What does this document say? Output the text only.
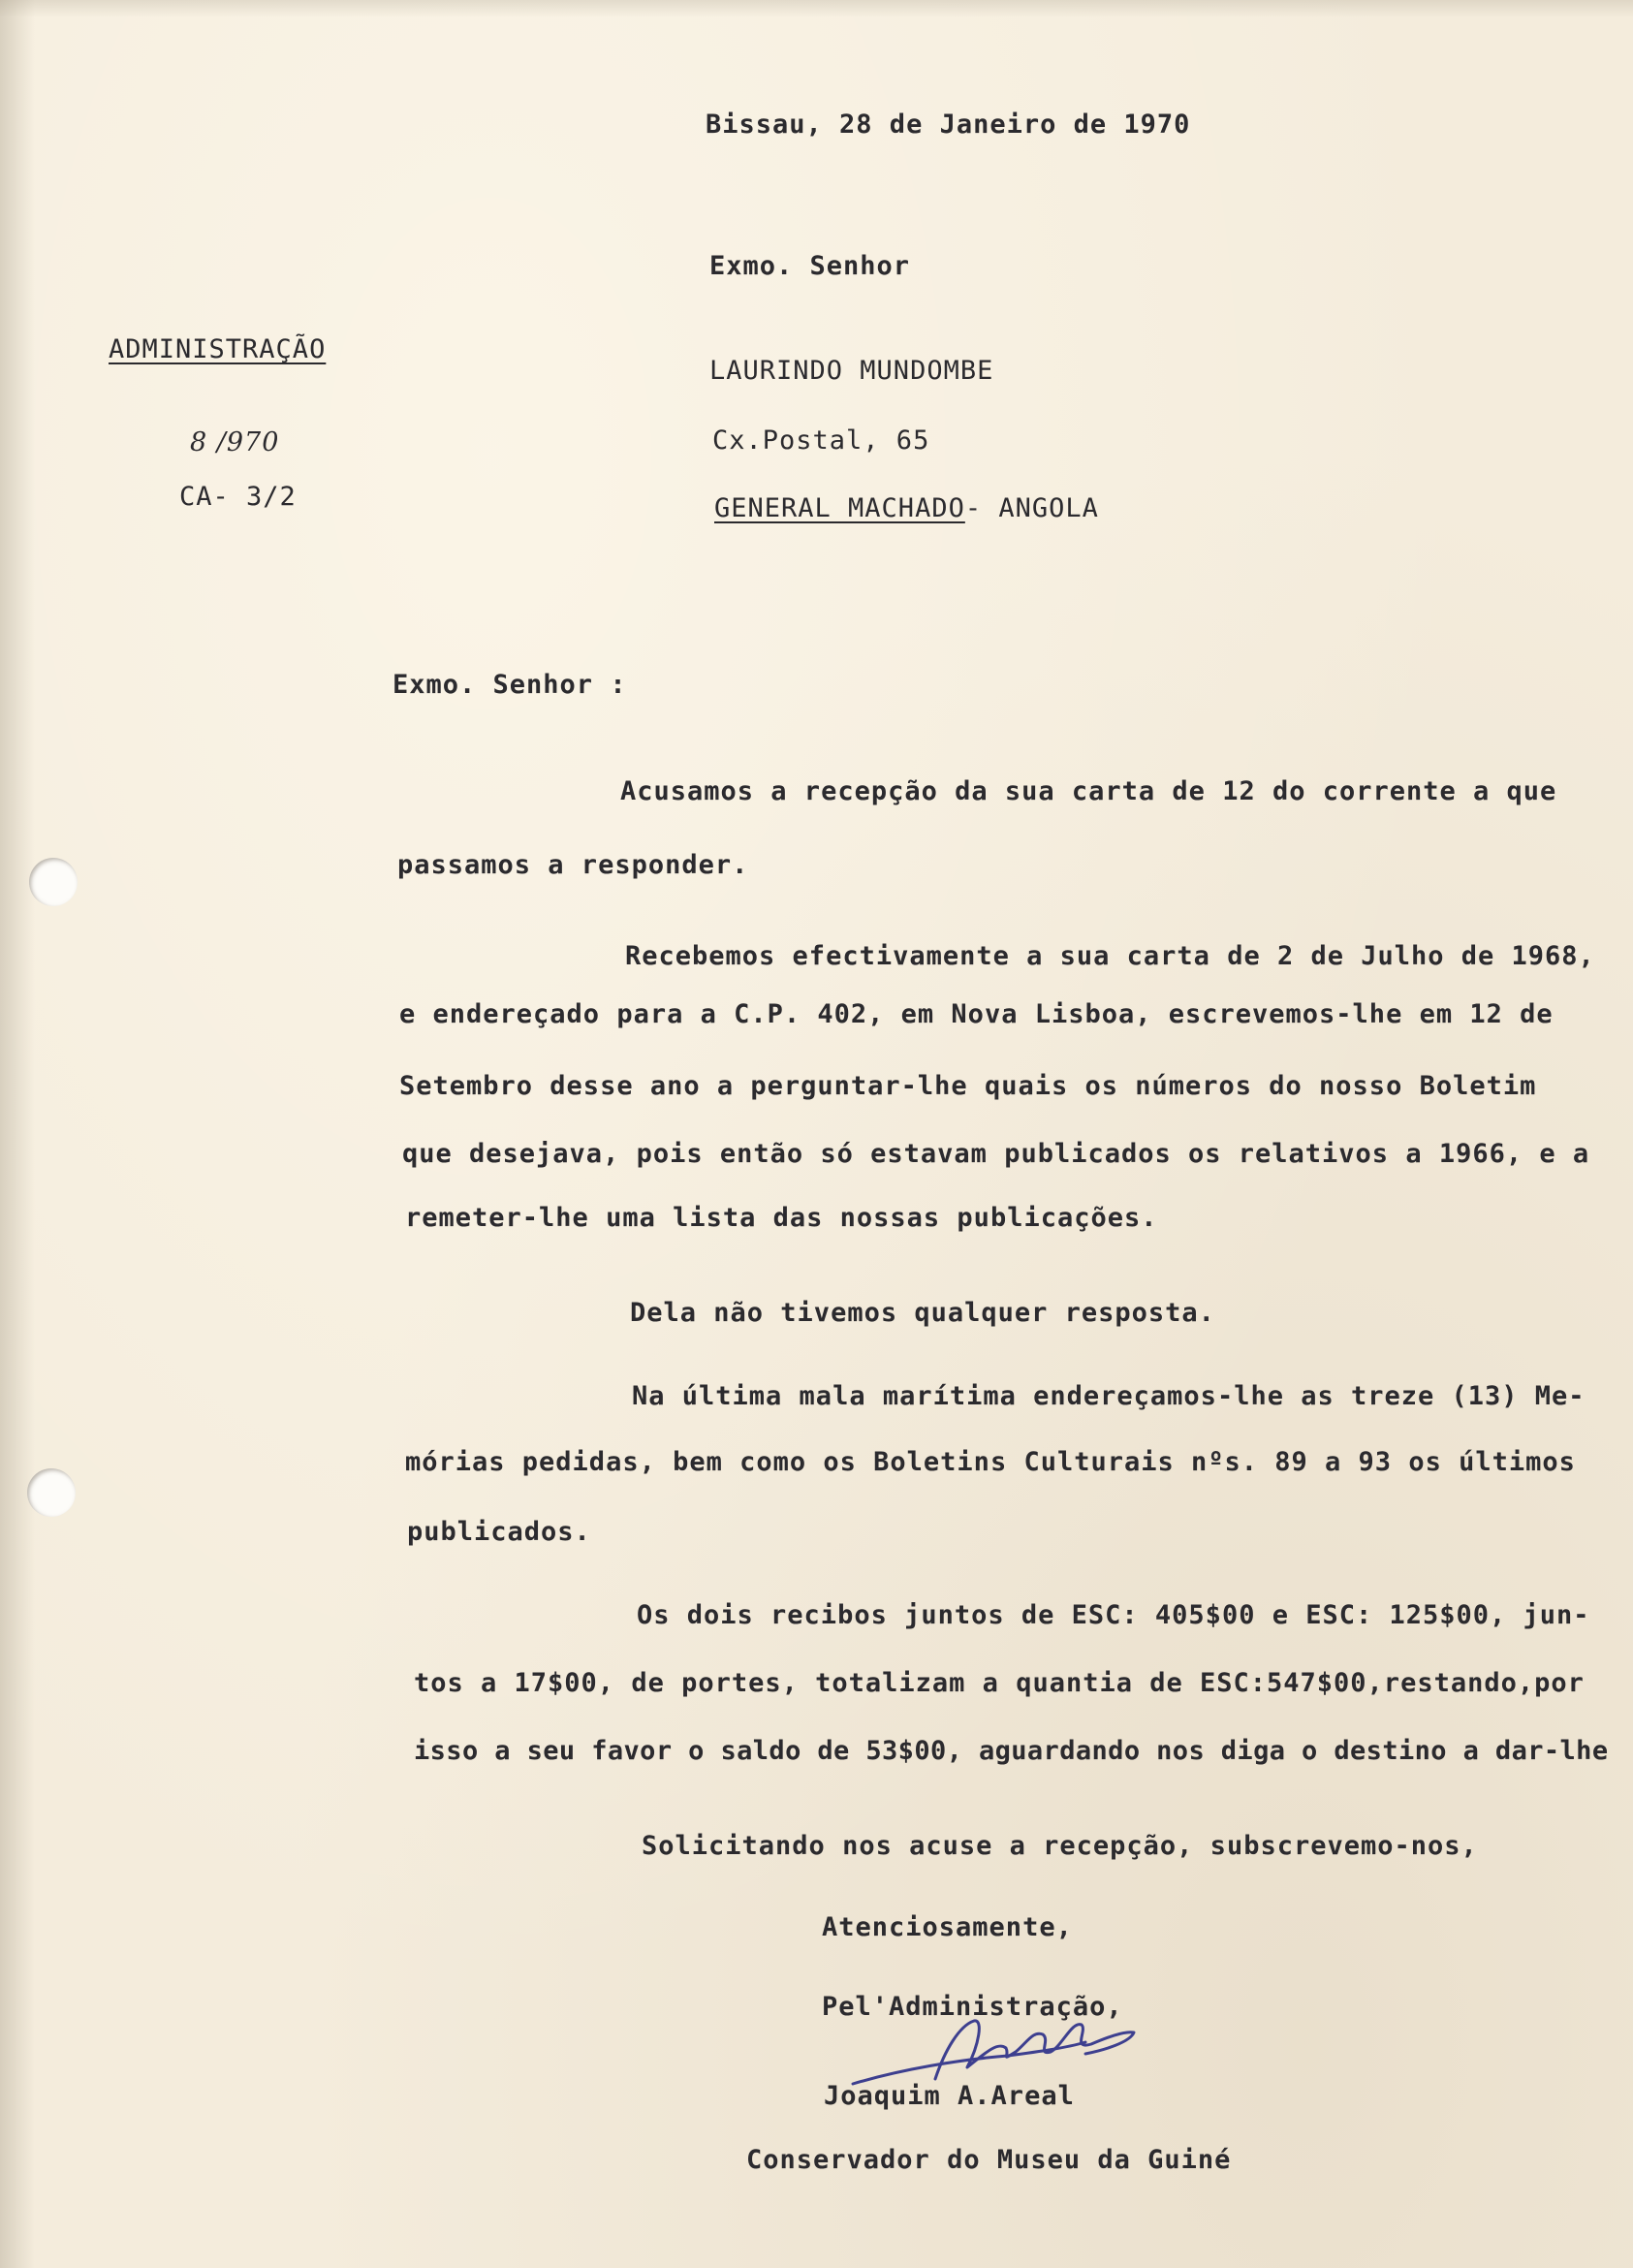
Bissau, 28 de Janeiro de 1970
Exmo. Senhor
LAURINDO MUNDOMBE
Cx.Postal, 65
GENERAL MACHADO- ANGOLA
ADMINISTRAÇÃO
8 /970
CA- 3/2
Exmo. Senhor :
Acusamos a recepção da sua carta de 12 do corrente a que
passamos a responder.
Recebemos efectivamente a sua carta de 2 de Julho de 1968,
e endereçado para a C.P. 402, em Nova Lisboa, escrevemos-lhe em 12 de
Setembro desse ano a perguntar-lhe quais os números do nosso Boletim
que desejava, pois então só estavam publicados os relativos a 1966, e a
remeter-lhe uma lista das nossas publicações.
Dela não tivemos qualquer resposta.
Na última mala marítima endereçamos-lhe as treze (13) Me-
mórias pedidas, bem como os Boletins Culturais nºs. 89 a 93 os últimos
publicados.
Os dois recibos juntos de ESC: 405$00 e ESC: 125$00, jun-
tos a 17$00, de portes, totalizam a quantia de ESC:547$00,restando,por
isso a seu favor o saldo de 53$00, aguardando nos diga o destino a dar-lhe
Solicitando nos acuse a recepção, subscrevemo-nos,
Atenciosamente,
Pel'Administração,
Joaquim A.Areal
Conservador do Museu da Guiné
